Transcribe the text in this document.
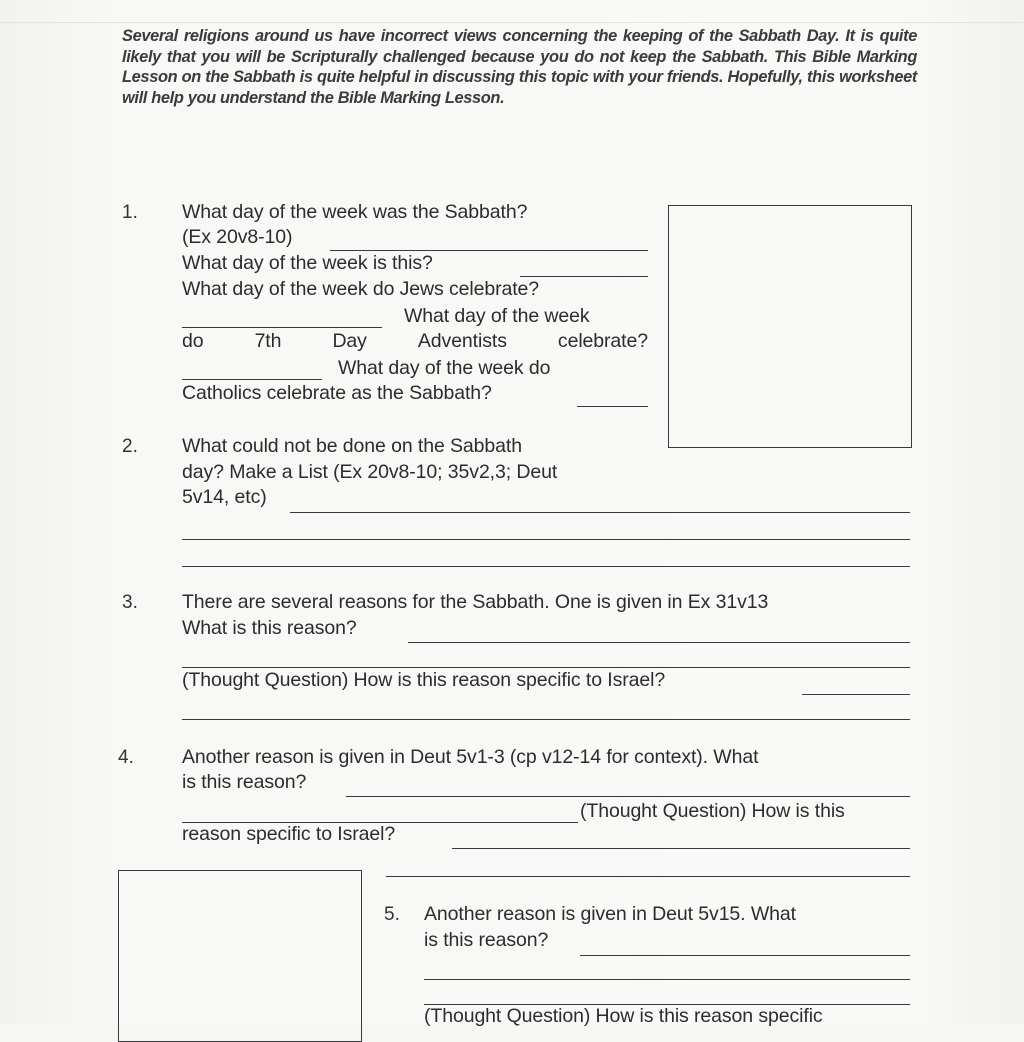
Several religions around us have incorrect views concerning the keeping of the Sabbath Day. It is quite likely that you will be Scripturally challenged because you do not keep the Sabbath. This Bible Marking Lesson on the Sabbath is quite helpful in discussing this topic with your friends. Hopefully, this worksheet will help you understand the Bible Marking Lesson.

1. What day of the week was the Sabbath?
(Ex 20v8-10)
What day of the week is this?
What day of the week do Jews celebrate?
What day of the week
do	7th	Day	Adventists	celebrate?
What day of the week do
Catholics celebrate as the Sabbath?
2. What could not be done on the Sabbath
day? Make a List (Ex 20v8-10; 35v2,3; Deut
5v14, etc)
3. There are several reasons for the Sabbath. One is given in Ex 31v13
What is this reason?
(Thought Question) How is this reason specific to Israel?
4. Another reason is given in Deut 5v1-3 (cp v12-14 for context). What
is this reason?
(Thought Question) How is this
reason specific to Israel?
5. Another reason is given in Deut 5v15. What
is this reason?
(Thought Question) How is this reason specific
